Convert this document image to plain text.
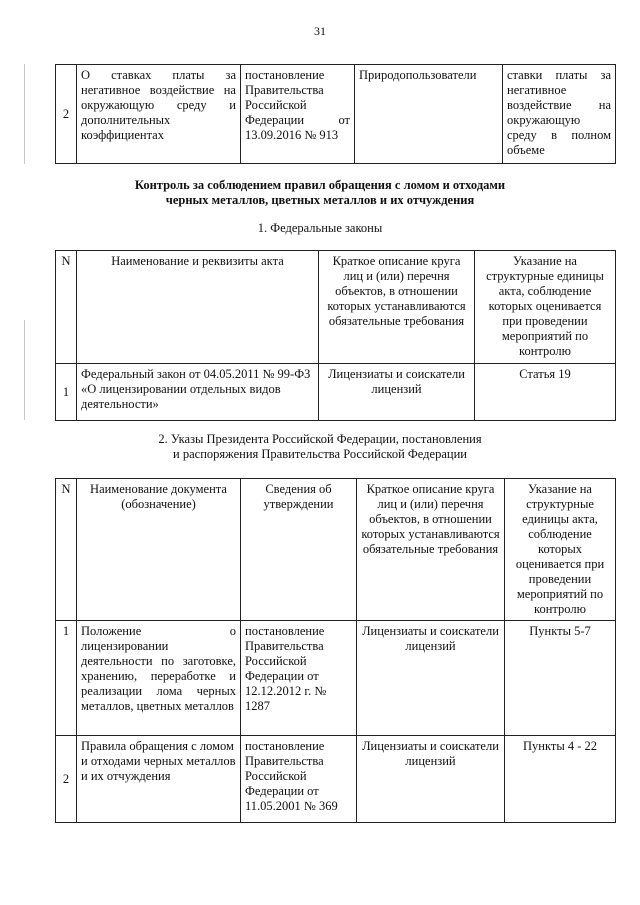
31
2	О ставках платы за негативное воздействие на окружающую среду и дополнительных коэффициентах	постановление Правительства Российской Федерации от 13.09.2016 № 913	Природопользователи	ставки платы за негативное воздействие на окружающую среду в полном объеме
Контроль за соблюдением правил обращения с ломом и отходами
черных металлов, цветных металлов и их отчуждения
1. Федеральные законы
N	Наименование и реквизиты акта	Краткое описание круга лиц и (или) перечня объектов, в отношении которых устанавливаются обязательные требования	Указание на структурные единицы акта, соблюдение которых оценивается при проведении мероприятий по контролю
1	Федеральный закон от 04.05.2011 № 99-ФЗ «О лицензировании отдельных видов деятельности»	Лицензиаты и соискатели лицензий	Статья 19
2. Указы Президента Российской Федерации, постановления
и распоряжения Правительства Российской Федерации
N	Наименование документа (обозначение)	Сведения об утверждении	Краткое описание круга лиц и (или) перечня объектов, в отношении которых устанавливаются обязательные требования	Указание на структурные единицы акта, соблюдение которых оценивается при проведении мероприятий по контролю
1	Положение о лицензировании деятельности по заготовке, хранению, переработке и реализации лома черных металлов, цветных металлов	постановление Правительства Российской Федерации от 12.12.2012 г. № 1287	Лицензиаты и соискатели лицензий	Пункты 5-7
2	Правила обращения с ломом и отходами черных металлов и их отчуждения	постановление Правительства Российской Федерации от 11.05.2001 № 369	Лицензиаты и соискатели лицензий	Пункты 4 - 22
